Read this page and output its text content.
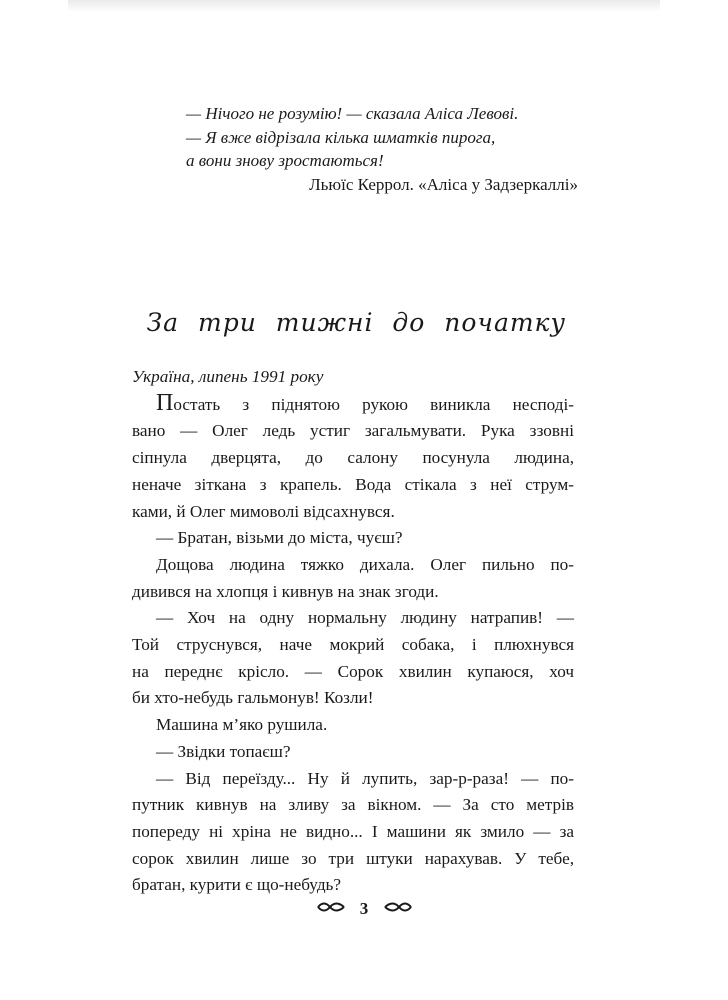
— Нічого не розумію! — сказала Аліса Левові.
— Я вже відрізала кілька шматків пирога,
а вони знову зростаються!
Льюїс Керрол. «Аліса у Задзеркаллі»
За три тижні до початку

Україна, липень 1991 року

Постать з піднятою рукою виникла несподі-
вано — Олег ледь устиг загальмувати. Рука ззовні
сіпнула дверцята, до салону посунула людина,
неначе зіткана з крапель. Вода стікала з неї струм-
ками, й Олег мимоволі відсахнувся.
— Братан, візьми до міста, чуєш?
Дощова людина тяжко дихала. Олег пильно по-
дивився на хлопця і кивнув на знак згоди.
— Хоч на одну нормальну людину натрапив! —
Той струснувся, наче мокрий собака, і плюхнувся
на переднє крісло. — Сорок хвилин купаюся, хоч
би хто-небудь гальмонув! Козли!
Машина м’яко рушила.
— Звідки топаєш?
— Від переїзду... Ну й лупить, зар-р-раза! — по-
путник кивнув на зливу за вікном. — За сто метрів
попереду ні хріна не видно... І машини як змило — за
сорок хвилин лише зо три штуки нарахував. У тебе,
братан, курити є що-небудь?
3
